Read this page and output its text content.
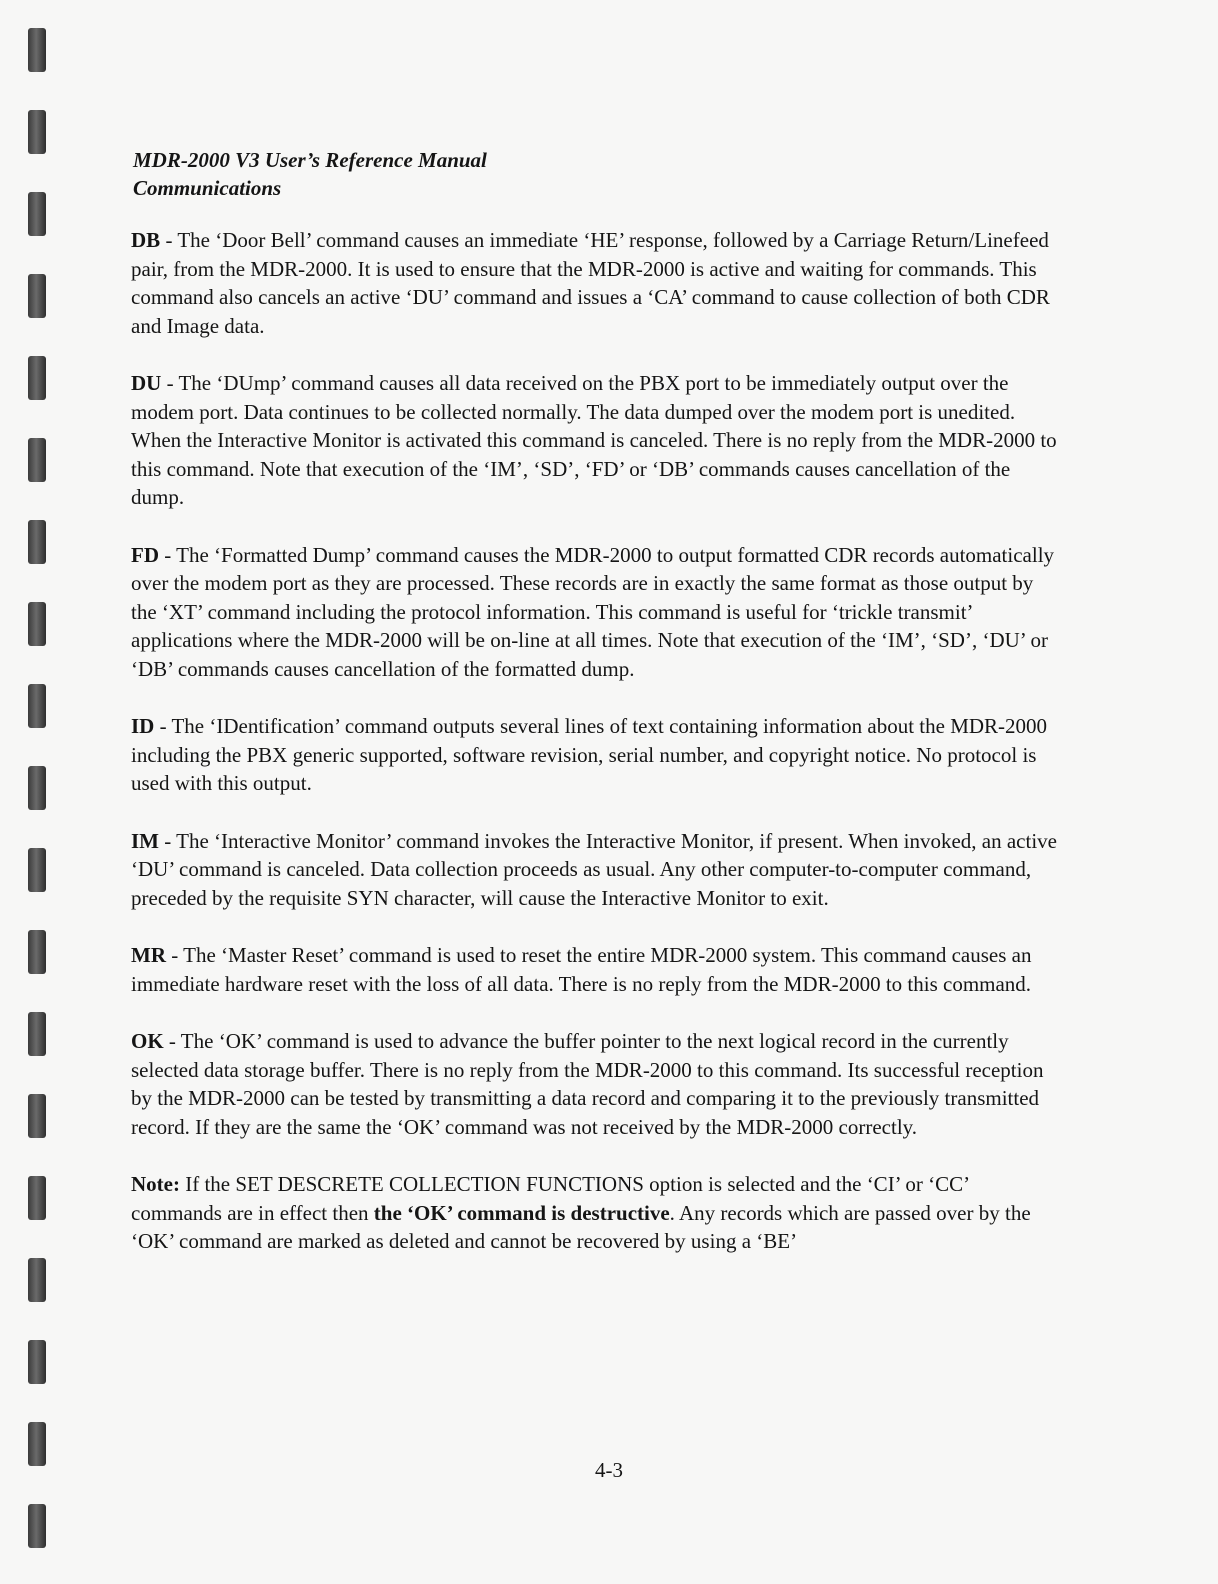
MDR-2000 V3 User’s Reference Manual
Communications

DB - The ‘Door Bell’ command causes an immediate ‘HE’ response, followed by a Carriage Return/Linefeed pair, from the MDR-2000. It is used to ensure that the MDR-2000 is active and waiting for commands. This command also cancels an active ‘DU’ command and issues a ‘CA’ command to cause collection of both CDR and Image data.

DU - The ‘DUmp’ command causes all data received on the PBX port to be immediately output over the modem port. Data continues to be collected normally. The data dumped over the modem port is unedited. When the Interactive Monitor is activated this command is canceled. There is no reply from the MDR-2000 to this command. Note that execution of the ‘IM’, ‘SD’, ‘FD’ or ‘DB’ commands causes cancellation of the dump.

FD - The ‘Formatted Dump’ command causes the MDR-2000 to output formatted CDR records automatically over the modem port as they are processed. These records are in exactly the same format as those output by the ‘XT’ command including the protocol information. This command is useful for ‘trickle transmit’ applications where the MDR-2000 will be on-line at all times. Note that execution of the ‘IM’, ‘SD’, ‘DU’ or ‘DB’ commands causes cancellation of the formatted dump.

ID - The ‘IDentification’ command outputs several lines of text containing information about the MDR-2000 including the PBX generic supported, software revision, serial number, and copyright notice. No protocol is used with this output.

IM - The ‘Interactive Monitor’ command invokes the Interactive Monitor, if present. When invoked, an active ‘DU’ command is canceled. Data collection proceeds as usual. Any other computer-to-computer command, preceded by the requisite SYN character, will cause the Interactive Monitor to exit.

MR - The ‘Master Reset’ command is used to reset the entire MDR-2000 system. This command causes an immediate hardware reset with the loss of all data. There is no reply from the MDR-2000 to this command.

OK - The ‘OK’ command is used to advance the buffer pointer to the next logical record in the currently selected data storage buffer. There is no reply from the MDR-2000 to this command. Its successful reception by the MDR-2000 can be tested by transmitting a data record and comparing it to the previously transmitted record. If they are the same the ‘OK’ command was not received by the MDR-2000 correctly.

Note: If the SET DESCRETE COLLECTION FUNCTIONS option is selected and the ‘CI’ or ‘CC’ commands are in effect then the ‘OK’ command is destructive. Any records which are passed over by the ‘OK’ command are marked as deleted and cannot be recovered by using a ‘BE’

4-3
